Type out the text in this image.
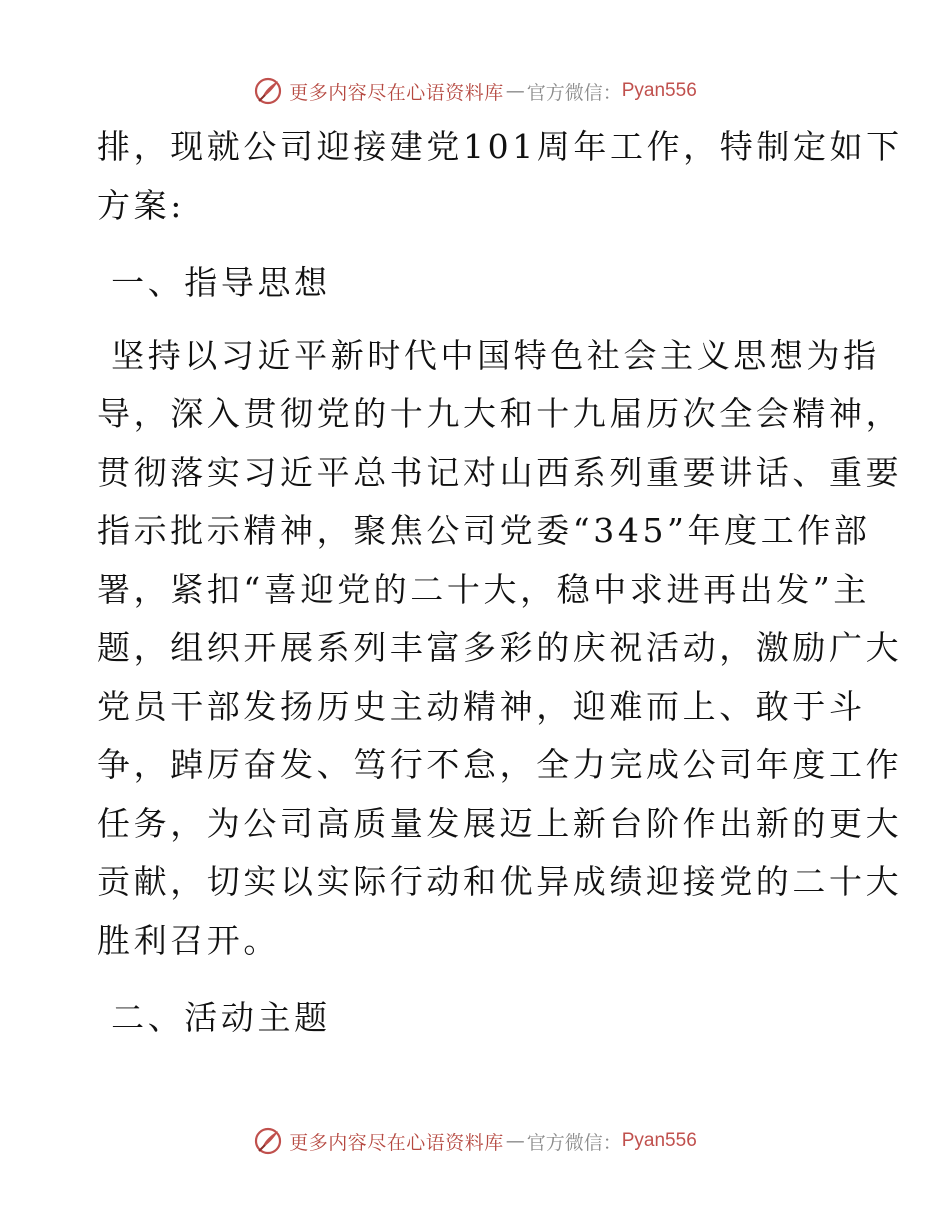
更多内容尽在心语资料库 — 官方微信： Pyan556
排，现就公司迎接建党101周年工作，特制定如下
方案:
一、指导思想
坚持以习近平新时代中国特色社会主义思想为指
导，深入贯彻党的十九大和十九届历次全会精神，
贯彻落实习近平总书记对山西系列重要讲话、重要
指示批示精神，聚焦公司党委“345”年度工作部
署，紧扣“喜迎党的二十大，稳中求进再出发”主
题，组织开展系列丰富多彩的庆祝活动，激励广大
党员干部发扬历史主动精神，迎难而上、敢于斗
争，踔厉奋发、笃行不怠，全力完成公司年度工作
任务，为公司高质量发展迈上新台阶作出新的更大
贡献，切实以实际行动和优异成绩迎接党的二十大
胜利召开。
二、活动主题
更多内容尽在心语资料库 — 官方微信： Pyan556
